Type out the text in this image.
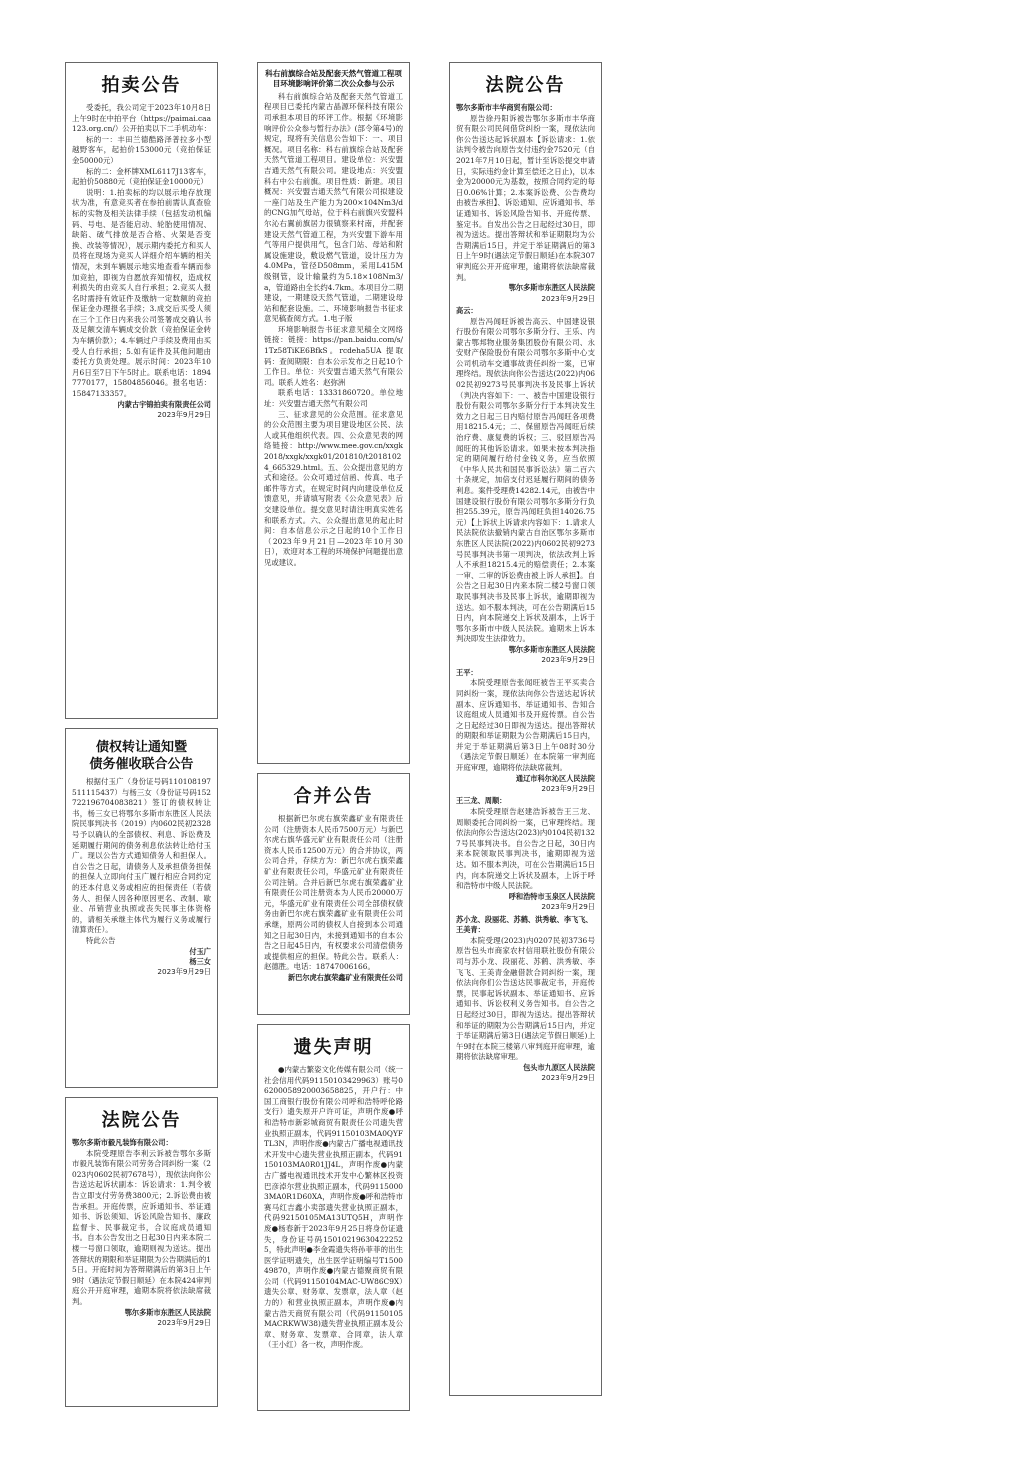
拍卖公告

受委托，我公司定于2023年10月8日上午9时在中拍平台（https://paimai.caa123.org.cn/）公开拍卖以下二手机动车：

标的一：丰田兰德酷路泽普拉多小型越野客车，起拍价153000元（竞拍保证金50000元）

标的二：金杯牌XML6117J13客车，起拍价50880元（竞拍保证金10000元）

说明：1.拍卖标的均以展示地存放现状为准，有意竞买者在参拍前需认真查验标的实物及相关法律手续（包括发动机编码、号电、是否能启动、轮胎使用情况、缺陷、破气排放是否合格、火架是否变换、改装等情况），展示期内委托方和买人员将在现场为竞买人详细介绍车辆的相关情况，未到车辆展示地实地查看车辆而参加竞拍，即视为自愿放弃知情权，造成权利损失的由竞买人自行承担；2.竞买人报名时需持有效证件及缴纳一定数额的竞拍保证金办理报名手续；3.成交后买受人须在三个工作日内来我公司签署成交确认书及足额交清车辆成交价款（竞拍保证金转为车辆价款）；4.车辆过户手续及费用由买受人自行承担；5.如有证件及其他问题由委托方负责处理。展示时间：2023年10月6日至7日下午5时止。联系电话：18947770177，15804856046。报名电话：15847133357。

内蒙古宇锦拍卖有限责任公司
2023年9月29日
债权转让通知暨
债务催收联合公告

根据付玉广（身份证号码110108197511115437）与杨三女（身份证号码152722196704083821）签订的债权转让书，杨三女已将鄂尔多斯市东胜区人民法院民事判决书（2019）内0602民初2328号予以确认的全部债权、利息、诉讼费及延期履行期间的债务利息依法转让给付玉广。现以公告方式通知债务人和担保人。自公告之日起，请债务人及承担债务担保的担保人立即向付玉广履行相应合同约定的还本付息义务或相应的担保责任（若债务人、担保人因各种原因更名、改制、歇业、吊销营业执照或丧失民事主体资格的，请相关承继主体代为履行义务或履行清算责任）。

特此公告

付玉广
杨三女
2023年9月29日
法院公告
鄂尔多斯市毅凡装饰有限公司：

本院受理原告李利云诉被告鄂尔多斯市毅凡装饰有限公司劳务合同纠纷一案（2023内0602民初7678号），现依法向你公告送达起诉状副本：诉讼请求：1.判令被告立即支付劳务费3800元；2.诉讼费由被告承担。开庭传票，应诉通知书、举证通知书、诉讼须知、诉讼风险告知书、廉政监督卡、民事裁定书，合议庭成员通知书。自本公告发出之日起30日内来本院二楼一号窗口领取，逾期则视为送达。提出答辩状的期限和举证期限为公告期满后的15日。开庭时间为答辩期满后的第3日上午9时（遇法定节假日顺延）在本院424审判庭公开开庭审理，逾期本院将依法缺席裁判。

鄂尔多斯市东胜区人民法院
2023年9月29日
科右前旗综合站及配套天然气管道工程项目环境影响评价第二次公众参与公示

科右前旗综合站及配套天然气管道工程项目已委托内蒙古晶源环保科技有限公司承担本项目的环评工作。根据《环境影响评价公众参与暂行办法》(部令第4号)的规定，现将有关信息公告如下：一、项目概况。项目名称：科右前旗综合站及配套天然气管道工程项目。建设单位：兴安盟吉通天然气有限公司。建设地点：兴安盟科右中公右前旗。项目性质：新建。项目概况：兴安盟吉通天然气有限公司拟建设一座门站及生产能力为200×104Nm3/d的CNG加气母站，位于科右前旗兴安盟科尔沁右翼前旗居力很镇察来村南，并配套建设天然气管道工程，为兴安盟下游车用气等用户提供用气，包含门站、母站和附属设施建设，敷设燃气管道，设计压力为4.0MPa，管径D508mm，采用L415M级钢管，设计输量约为5.18×108Nm3/a，管道路由全长约4.7km。本项目分二期建设，一期建设天然气管道，二期建设母站和配套设施。二、环境影响报告书征求意见稿查阅方式。1.电子版

环境影响报告书征求意见稿全文网络链接：链接：https://pan.baidu.com/s/1Tz58TiKE6BfkS。rcdeha5UA 提取码：查阅期限：自本公示发布之日起10个工作日。单位：兴安盟吉通天然气有限公司。联系人姓名：赵弥洲

联系电话：13331860720。单位地址：兴安盟吉通天然气有限公司

三、征求意见的公众范围。征求意见的公众范围主要为项目建设地区公民、法人或其他组织代表。四、公众意见表的网络链接：http://www.mee.gov.cn/xxgk2018/xxgk/xxgk01/201810/t20181024_665329.html。五、公众提出意见的方式和途径。公众可通过信函、传真、电子邮件等方式，在规定时间内向建设单位反馈意见，并请填写附表《公众意见表》后交建设单位。提交意见时请注明真实姓名和联系方式。六、公众提出意见的起止时间：自本信息公示之日起的10个工作日（2023年9月21日—2023年10月30日），欢迎对本工程的环境保护问题提出意见或建议。

合并公告

根据新巴尔虎右旗荣鑫矿业有限责任公司（注册资本人民币7500万元）与新巴尔虎右旗华盛元矿业有限责任公司（注册资本人民币12500万元）的合并协议，两公司合并，存续方为：新巴尔虎右旗荣鑫矿业有限责任公司，华盛元矿业有限责任公司注销。合并后新巴尔虎右旗荣鑫矿业有限责任公司注册资本为人民币20000万元，华盛元矿业有限责任公司全部债权债务由新巴尔虎右旗荣鑫矿业有限责任公司承继，原两公司的债权人自接到本公司通知之日起30日内，未接到通知书的自本公告之日起45日内，有权要求公司清偿债务或提供相应的担保。特此公告。联系人：赵德胜。电话：18747006166。

新巴尔虎右旗荣鑫矿业有限责任公司
遗失声明

●内蒙古繁姿文化传媒有限公司（统一社会信用代码91150103429963）账号06200058920003658825，开户行：中国工商银行股份有限公司呼和浩特呼伦路支行）遗失原开户许可证，声明作废●呼和浩特市新彩城商贸有限责任公司遗失营业执照正副本，代码91150103MA0QYFTL3N，声明作废●内蒙古广播电视通讯技术开发中心遗失营业执照正副本，代码91150103MA0R01JJ4L，声明作废●内蒙古广播电视通讯技术开发中心繁林区投资巴彦淖尔营业执照正副本，代码91150003MA0R1D60XA，声明作废●呼和浩特市赛马红吉鑫小卖部遗失营业执照正副本，代码92150105MA13UTQ5H，声明作废●杨春新于2023年9月25日将身份证遗失，身份证号码150102196304222525，特此声明●李金霞遗失将孙菲菲的出生医学证明遗失，出生医学证明编号T150049870，声明作废●内蒙古德聚商贸有限公司（代码91150104MAC-UW86C9X）遗失公章、财务章、发票章，法人章（赵力的）和营业执照正副本，声明作废●内蒙古浩天商贸有限公司（代码91150105MACRKWW38)遗失营业执照正副本及公章、财务章、发票章、合同章，法人章（王小红）各一枚，声明作废。

法院公告
鄂尔多斯市丰华商贸有限公司：

原告徐丹阳诉被告鄂尔多斯市丰华商贸有限公司民间借贷纠纷一案，现依法向你公告送达起诉状副本【诉讼请求：1.依法判令被告向原告支付违约金7520元（自2021年7月10日起，暂计至诉讼提交申请日，实际违约金计算至偿还之日止)，以本金为20000元为基数，按照合同约定的每日0.06%计算；2.本案诉讼费、公告费均由被告承担】、诉讼通知、应诉通知书、举证通知书、诉讼风险告知书、开庭传票、鉴定书。自发出公告之日起经过30日，即视为送达。提出答辩状和举证期限均为公告期满后15日，并定于举证期满后的第3日上午9时(遇法定节假日顺延)在本院307审判庭公开开庭审理，逾期将依法缺席裁判。

鄂尔多斯市东胜区人民法院
2023年9月29日
高云：

原告冯闻旺诉被告高云、中国建设银行股份有限公司鄂尔多斯分行、王乐、内蒙古鄂邦物业服务集团股份有限公司、永安财产保险股份有限公司鄂尔多斯中心支公司机动车交通事故责任纠纷一案，已审理终结。现依法向你公告送达(2022)内0602民初9273号民事判决书及民事上诉状（判决内容如下：一、被告中国建设银行股份有限公司鄂尔多斯分行于本判决发生效力之日起三日内赔付原告冯闻旺各项费用18215.4元；二、保留原告冯闻旺后续治疗费、康复费的诉权；三、驳回原告冯闻旺的其他诉讼请求。如果未按本判决指定的期间履行给付金钱义务，应当依照《中华人民共和国民事诉讼法》第二百六十条规定，加倍支付迟延履行期间的债务利息。案件受理费14282.14元，由被告中国建设银行股份有限公司鄂尔多斯分行负担255.39元，原告冯闻旺负担14026.75元）【上诉状上诉请求内容如下：1.请求人民法院依法撤销内蒙古自治区鄂尔多斯市东胜区人民法院(2022)内0602民初9273号民事判决书第一项判决，依法改判上诉人不承担18215.4元的赔偿责任；2.本案一审、二审的诉讼费由被上诉人承担】。自公告之日起30日内来本院二楼2号窗口领取民事判决书及民事上诉状，逾期即视为送达。如不服本判决，可在公告期满后15日内，向本院递交上诉状及副本，上诉于鄂尔多斯市中级人民法院。逾期未上诉本判决即发生法律效力。

鄂尔多斯市东胜区人民法院
2023年9月29日
王平：

本院受理原告张闻旺被告王平买卖合同纠纷一案，现依法向你公告送达起诉状副本、应诉通知书、举证通知书、告知合议庭组成人员通知书及开庭传票。自公告之日起经过30日即视为送达。提出答辩状的期限和举证期限为公告期满后15日内，并定于举证期满后第3日上午08时30分（遇法定节假日顺延）在本院第一审判庭开庭审理，逾期将依法缺席裁判。

通辽市科尔沁区人民法院
2023年9月29日
王三龙、周顺：

本院受理原告赵建浩诉被告王三龙、周顺委托合同纠纷一案，已审理终结。现依法向你公告送达(2023)内0104民初1327号民事判决书。自公告之日起，30日内来本院领取民事判决书，逾期即视为送达。如不服本判决，可在公告期满后15日内，向本院递交上诉状及副本，上诉于呼和浩特市中级人民法院。

呼和浩特市玉泉区人民法院
2023年9月29日
苏小龙、段丽花、苏鹤、洪秀敏、李飞飞、王美青：

本院受理(2023)内0207民初3736号原告包头市商家农村信用联社股份有限公司与苏小龙、段丽花、苏鹤、洪秀敏、李飞飞、王美青金融借款合同纠纷一案，现依法向你们公告送达民事裁定书，开庭传票，民事起诉状副本、举证通知书、应诉通知书、诉讼权利义务告知书。自公告之日起经过30日，即视为送达。提出答辩状和举证的期限为公告期满后15日内，并定于举证期满后第3日(遇法定节假日顺延)上午9时在本院三楼第八审判庭开庭审理，逾期将依法缺席审理。

包头市九原区人民法院
2023年9月29日
